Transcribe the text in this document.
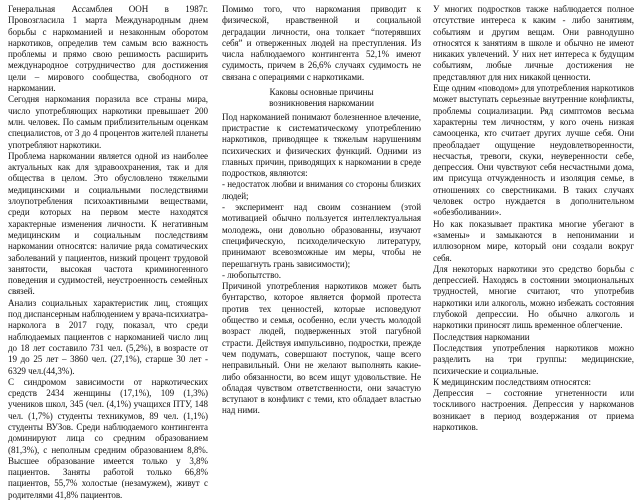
Генеральная Ассамблея ООН в 1987г. Провозгласила 1 марта Международным днем борьбы с наркоманией и незаконным оборотом наркотиков, определив тем самым всю важность проблемы и прямо свою решимость расширить международное сотрудничество для достижения цели – мирового сообщества, свободного от наркомании.

Сегодня наркомания поразила все страны мира, число употребляющих наркотики превышает 200 млн. человек. По самым приблизительным оценкам специалистов, от 3 до 4 процентов жителей планеты употребляют наркотики.

Проблема наркомании является одной из наиболее актуальных как для здравоохранения, так и для общества в целом. Это обусловлено тяжелыми медицинскими и социальными последствиями злоупотребления психоактивными веществами, среди которых на первом месте находятся характерные изменения личности. К негативным медицинским и социальным последствиям наркомании относятся: наличие ряда соматических заболеваний у пациентов, низкий процент трудовой занятости, высокая частота криминогенного поведения и судимостей, неустроенность семейных связей.

Анализ социальных характеристик лиц, стоящих под диспансерным наблюдением у врача-психиатра-нарколога в 2017 году, показал, что среди наблюдаемых пациентов с наркоманией число лиц до 18 лет составило 731 чел. (5,2%), в возрасте от 19 до 25 лет – 3860 чел. (27,1%), старше 30 лет - 6329 чел.(44,3%).

С синдромом зависимости от наркотических средств 2434 женщины (17,1%), 109 (1,3%) учеников школ, 345 (чел. (4,1%) учащихся ПТУ, 148 чел. (1,7%) студенты техникумов, 89 чел. (1,1%) студенты ВУЗов. Среди наблюдаемого контингента доминируют лица со средним образованием (81,3%), с неполным средним образованием 8,8%. Высшее образование имеется только у 3,8% пациентов. Заняты работой только 66,8% пациентов, 55,7% холостые (незамужем), живут с родителями 41,8% пациентов.

Помимо того, что наркомания приводит к физической, нравственной и социальной деградации личности, она толкает “потерявших себя” и отверженных людей на преступления. Из числа наблюдаемого контингента 52,1% имеют судимость, причем в 26,6% случаях судимость не связана с операциями с наркотиками.

Каковы основные причины
возникновения наркомании

Под наркоманией понимают болезненное влечение, пристрастие к систематическому употреблению наркотиков, приводящее к тяжелым нарушениям психических и физических функций. Одними из главных причин, приводящих к наркомании в среде подростков, являются:

- недостаток любви и внимания со стороны близких людей;

- эксперимент над своим сознанием (этой мотивацией обычно пользуется интеллектуальная молодежь, они довольно образованны, изучают специфическую, психоделическую литературу, принимают всевозможные им меры, чтобы не перешагнуть грань зависимости);

- любопытство.

Причиной употребления наркотиков может быть бунтарство, которое является формой протеста против тех ценностей, которые исповедуют общество и семья, особенно, если учесть молодой возраст людей, подверженных этой пагубной страсти. Действуя импульсивно, подростки, прежде чем подумать, совершают поступок, чаще всего неправильный. Они не желают выполнять какие-либо обязанности, во всем ищут удовольствие. Не обладая чувством ответственности, они зачастую вступают в конфликт с теми, кто обладает властью над ними.

У многих подростков также наблюдается полное отсутствие интереса к каким - либо занятиям, событиям и другим вещам. Они равнодушно относятся к занятиям в школе и обычно не имеют никаких увлечений. У них нет интереса к будущим событиям, любые личные достижения не представляют для них никакой ценности.

Еще одним «поводом» для употребления наркотиков может выступать серьезные внутренние конфликты, проблемы социализации. Ряд симптомов весьма характерны тем личностям, у кого очень низкая самооценка, кто считает других лучше себя. Они преобладает ощущение неудовлетворенности, несчастья, тревоги, скуки, неуверенности себе, депрессия. Они чувствуют себя несчастными дома, им присуща отчужденность и изоляция семье, в отношениях со сверстниками. В таких случаях человек остро нуждается в дополнительном «обезболивании».

Но как показывает практика многие убегают в «замены» и замыкаются в непонимании и иллюзорном мире, который они создали вокруг себя.

Для некоторых наркотики это средство борьбы с депрессией. Находясь в состоянии эмоциональных трудностей, многие считают, что употребив наркотики или алкоголь, можно избежать состояния глубокой депрессии. Но обычно алкоголь и наркотики приносят лишь временное облегчение.

Последствия наркомании

Последствия употребления наркотиков можно разделить на три группы: медицинские, психические и социальные.

К медицинским последствиям относятся:

Депрессия – состояние угнетенности или тоскливого настроения. Депрессия у наркоманов возникает в период воздержания от приема наркотиков.
